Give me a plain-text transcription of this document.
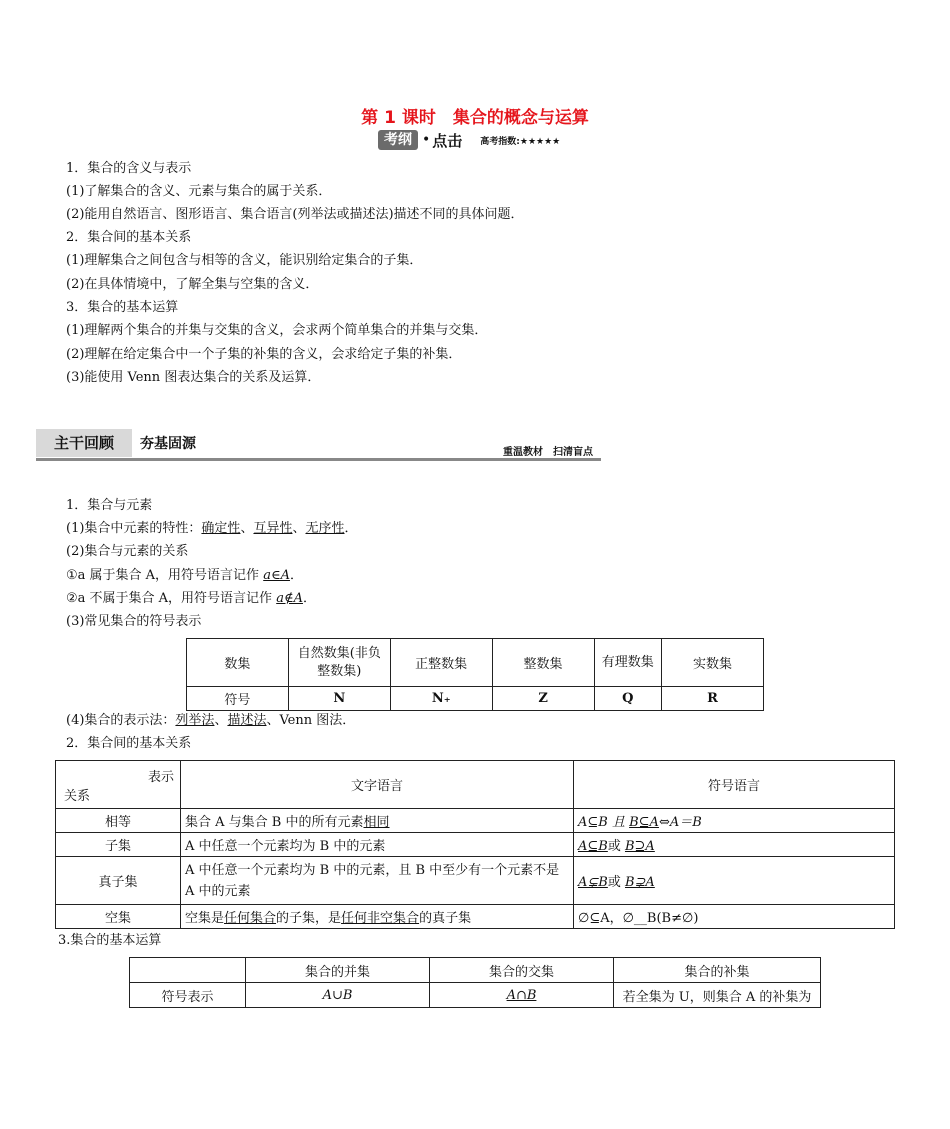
第 1 课时　集合的概念与运算
考纲 • 点击 高考指数:★★★★★
1．集合的含义与表示
(1)了解集合的含义、元素与集合的属于关系．
(2)能用自然语言、图形语言、集合语言(列举法或描述法)描述不同的具体问题．
2．集合间的基本关系
(1)理解集合之间包含与相等的含义，能识别给定集合的子集．
(2)在具体情境中，了解全集与空集的含义．
3．集合的基本运算
(1)理解两个集合的并集与交集的含义，会求两个简单集合的并集与交集．
(2)理解在给定集合中一个子集的补集的含义，会求给定子集的补集．
(3)能使用 Venn 图表达集合的关系及运算．
主干回顾	夯基固源
重温教材　扫清盲点
1．集合与元素
(1)集合中元素的特性：确定性、互异性、无序性．
(2)集合与元素的关系
①a 属于集合 A，用符号语言记作 a∈A．
②a 不属于集合 A，用符号语言记作 a∉A．
(3)常见集合的符号表示
数集	自然数集(非负整数集)	正整数集	整数集	有理数集	实数集
符号	N	N₊	Z	Q	R
(4)集合的表示法：列举法、描述法、Venn 图法．
2．集合间的基本关系
表示
关系	文字语言	符号语言
相等	集合 A 与集合 B 中的所有元素相同	A⊆B 且 B⊆A⇔A＝B
子集	A 中任意一个元素均为 B 中的元素	A⊆B或 B⊇A
真子集	A 中任意一个元素均为 B 中的元素，且 B 中至少有一个元素不是 A 中的元素	A⊊B或 B⊋A
空集	空集是任何集合的子集，是任何非空集合的真子集	∅⊆A，∅__B(B≠∅)
3.集合的基本运算
	集合的并集	集合的交集	集合的补集
符号表示	A∪B	A∩B	若全集为 U，则集合 A 的补集为
